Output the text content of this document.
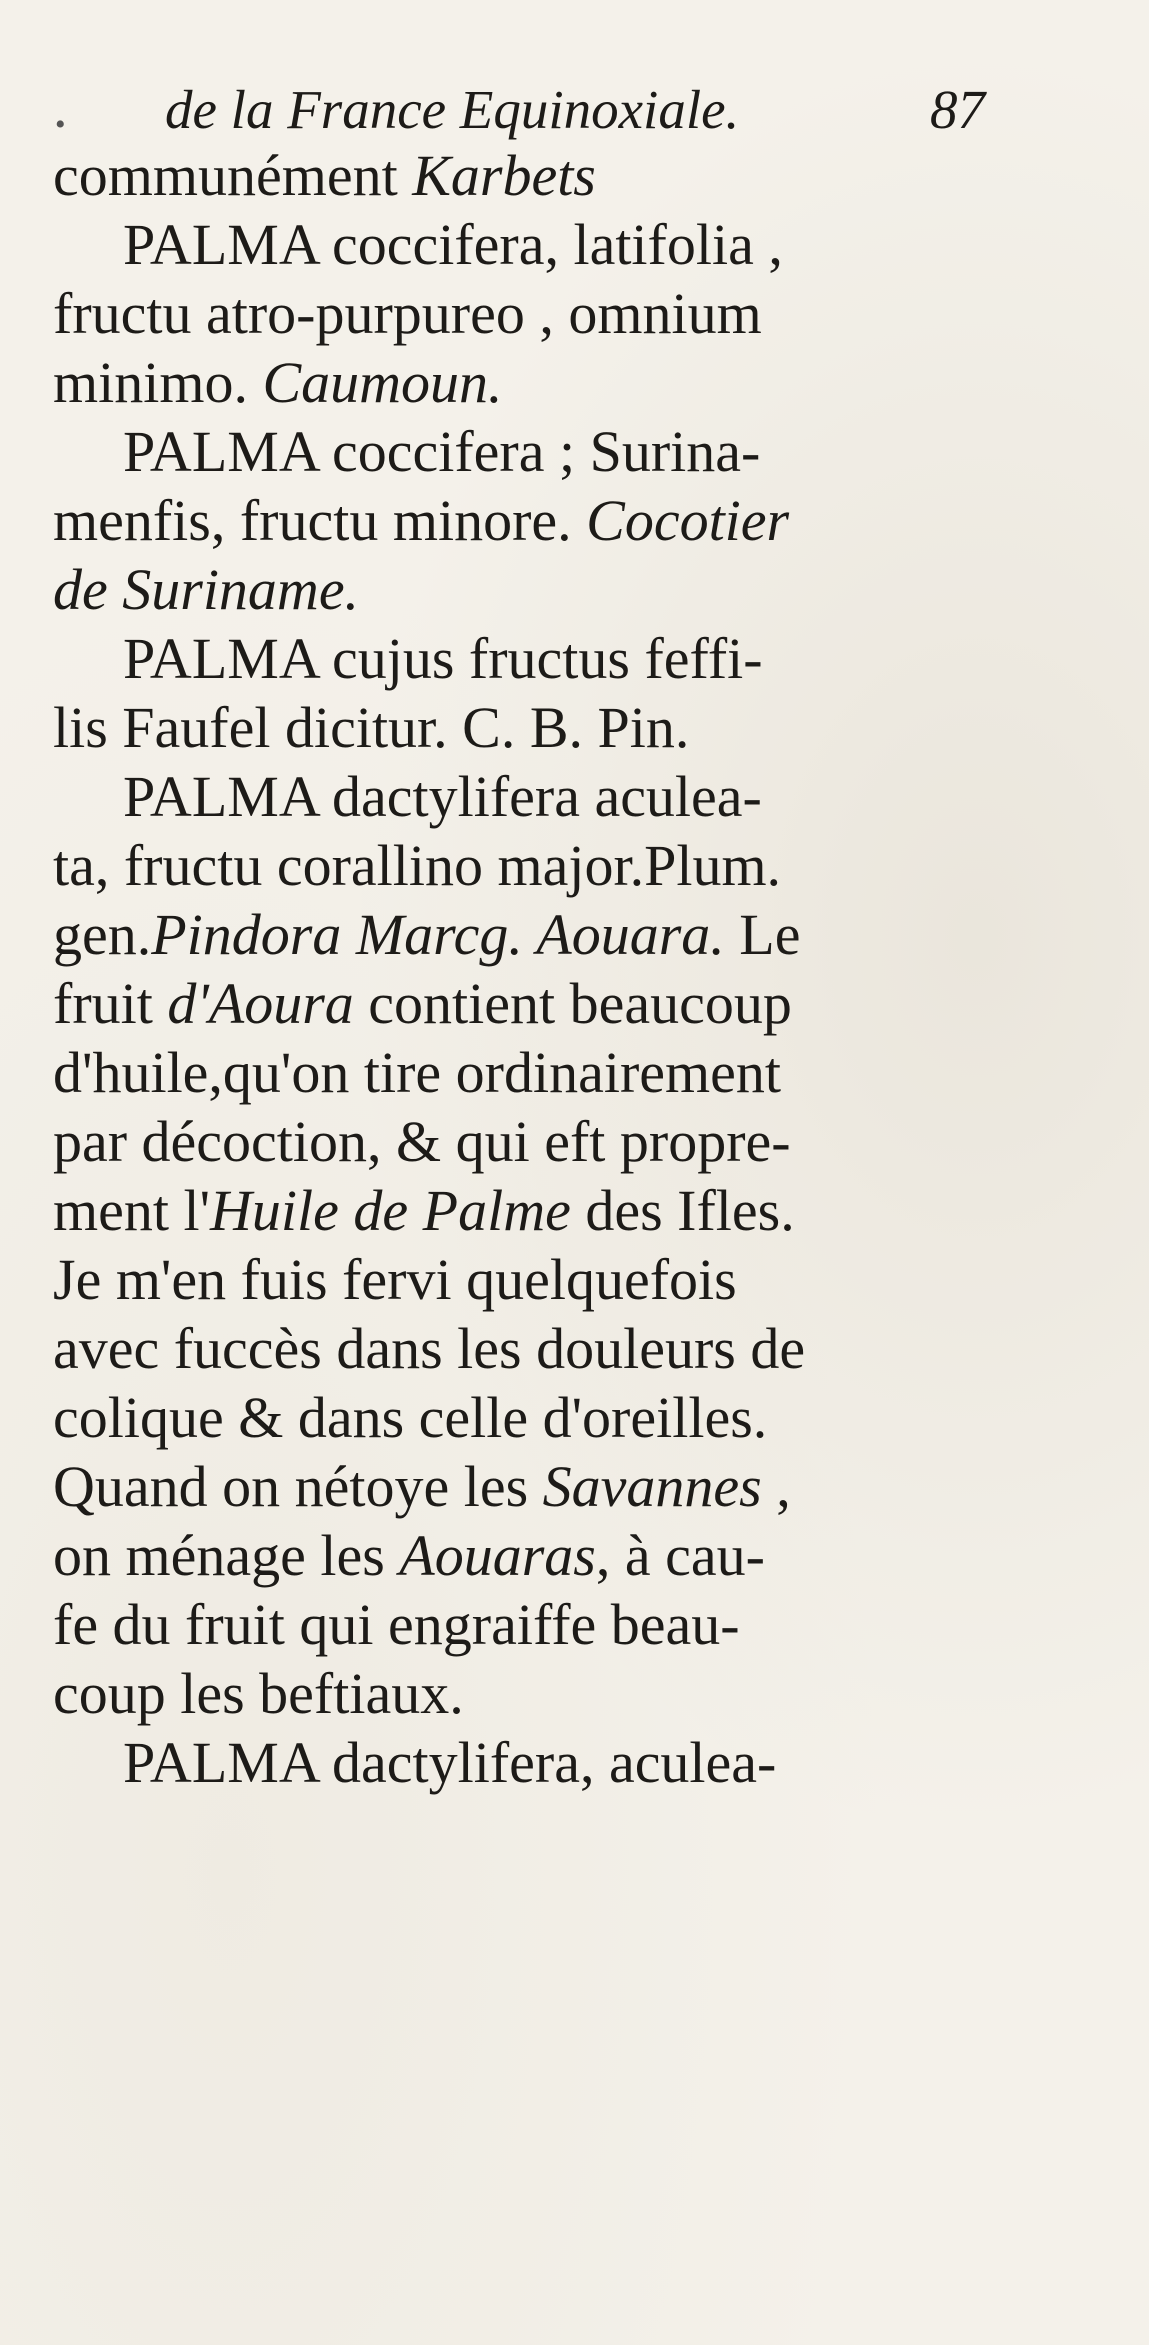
• de la France Equinoxiale.	87
communément Karbets
PALMA coccifera, latifolia ,
fructu atro-purpureo , omnium
minimo. Caumoun.
PALMA coccifera ; Surina-
menfis, fructu minore. Cocotier
de Suriname.
PALMA cujus fructus feffi-
lis Faufel dicitur. C. B. Pin.
PALMA dactylifera aculea-
ta, fructu corallino major.Plum.
gen.Pindora Marcg. Aouara. Le
fruit d'Aoura contient beaucoup
d'huile,qu'on tire ordinairement
par décoction, & qui eft propre-
ment l'Huile de Palme des Ifles.
Je m'en fuis fervi quelquefois
avec fuccès dans les douleurs de
colique & dans celle d'oreilles.
Quand on nétoye les Savannes ,
on ménage les Aouaras, à cau-
fe du fruit qui engraiffe beau-
coup les beftiaux.
PALMA dactylifera, aculea-
